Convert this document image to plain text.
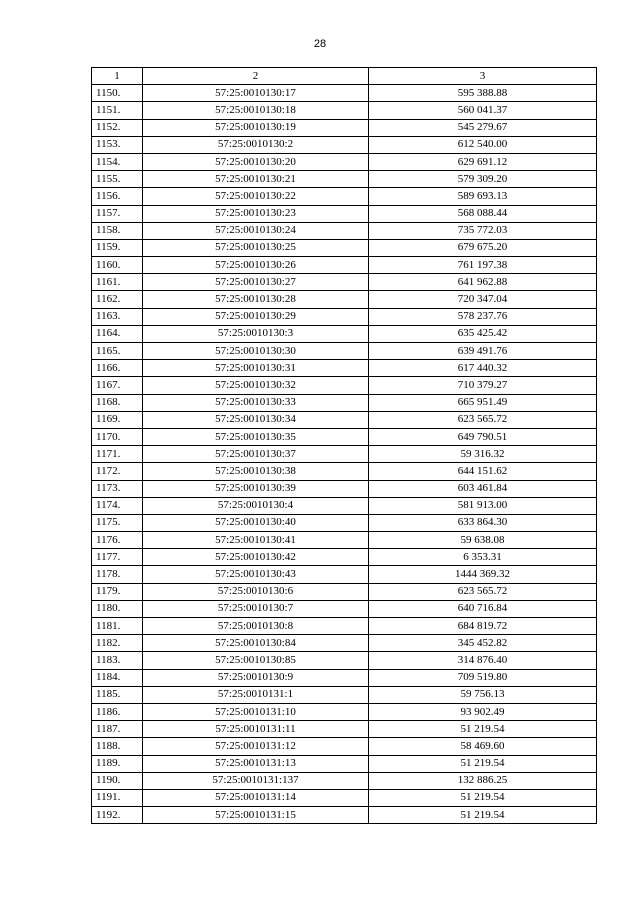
28
1	2	3
1150.	57:25:0010130:17	595 388.88
1151.	57:25:0010130:18	560 041.37
1152.	57:25:0010130:19	545 279.67
1153.	57:25:0010130:2	612 540.00
1154.	57:25:0010130:20	629 691.12
1155.	57:25:0010130:21	579 309.20
1156.	57:25:0010130:22	589 693.13
1157.	57:25:0010130:23	568 088.44
1158.	57:25:0010130:24	735 772.03
1159.	57:25:0010130:25	679 675.20
1160.	57:25:0010130:26	761 197.38
1161.	57:25:0010130:27	641 962.88
1162.	57:25:0010130:28	720 347.04
1163.	57:25:0010130:29	578 237.76
1164.	57:25:0010130:3	635 425.42
1165.	57:25:0010130:30	639 491.76
1166.	57:25:0010130:31	617 440.32
1167.	57:25:0010130:32	710 379.27
1168.	57:25:0010130:33	665 951.49
1169.	57:25:0010130:34	623 565.72
1170.	57:25:0010130:35	649 790.51
1171.	57:25:0010130:37	59 316.32
1172.	57:25:0010130:38	644 151.62
1173.	57:25:0010130:39	603 461.84
1174.	57:25:0010130:4	581 913.00
1175.	57:25:0010130:40	633 864.30
1176.	57:25:0010130:41	59 638.08
1177.	57:25:0010130:42	6 353.31
1178.	57:25:0010130:43	1444 369.32
1179.	57:25:0010130:6	623 565.72
1180.	57:25:0010130:7	640 716.84
1181.	57:25:0010130:8	684 819.72
1182.	57:25:0010130:84	345 452.82
1183.	57:25:0010130:85	314 876.40
1184.	57:25:0010130:9	709 519.80
1185.	57:25:0010131:1	59 756.13
1186.	57:25:0010131:10	93 902.49
1187.	57:25:0010131:11	51 219.54
1188.	57:25:0010131:12	58 469.60
1189.	57:25:0010131:13	51 219.54
1190.	57:25:0010131:137	132 886.25
1191.	57:25:0010131:14	51 219.54
1192.	57:25:0010131:15	51 219.54
